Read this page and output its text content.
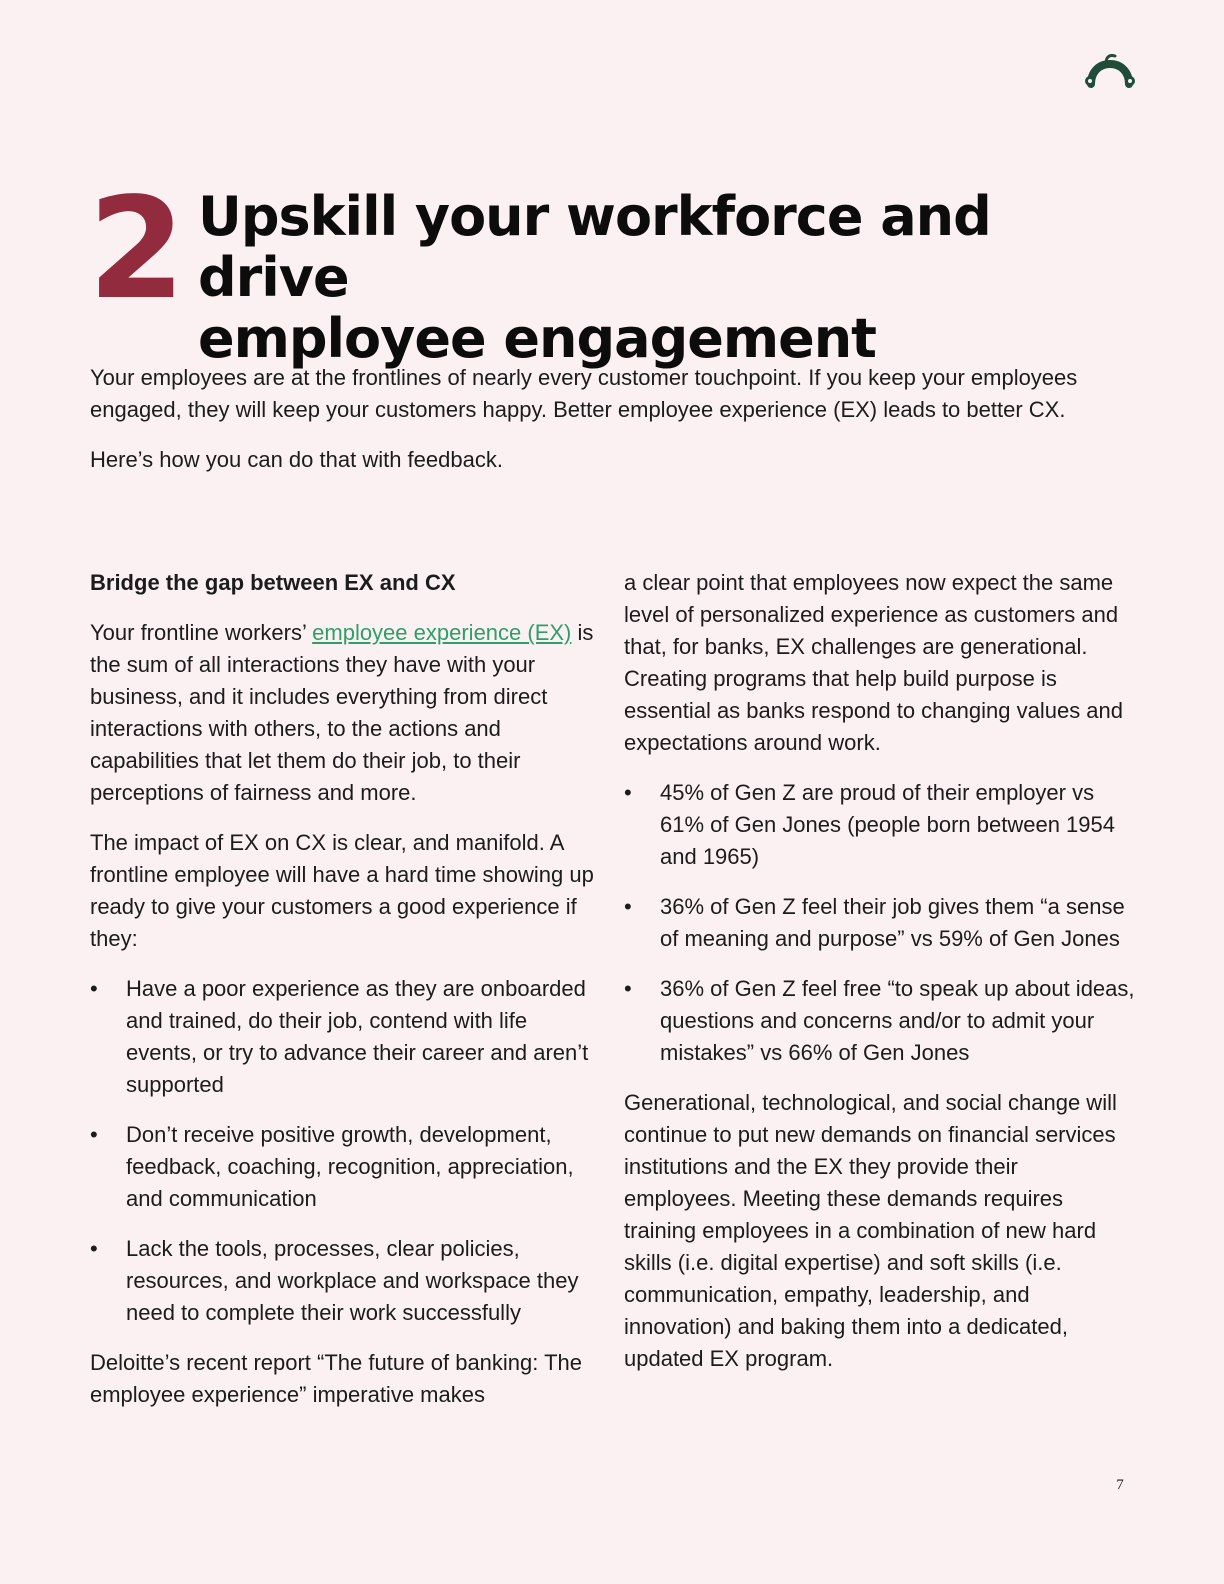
2 Upskill your workforce and drive
employee engagement

Your employees are at the frontlines of nearly every customer touchpoint. If you keep your employees engaged, they will keep your customers happy. Better employee experience (EX) leads to better CX.

Here’s how you can do that with feedback.

Bridge the gap between EX and CX

Your frontline workers’ employee experience (EX) is the sum of all interactions they have with your business, and it includes everything from direct interactions with others, to the actions and capabilities that let them do their job, to their perceptions of fairness and more.

The impact of EX on CX is clear, and manifold. A frontline employee will have a hard time showing up ready to give your customers a good experience if they:

•	Have a poor experience as they are onboarded and trained, do their job, contend with life events, or try to advance their career and aren’t supported
•	Don’t receive positive growth, development, feedback, coaching, recognition, appreciation, and communication
•	Lack the tools, processes, clear policies, resources, and workplace and workspace they need to complete their work successfully

Deloitte’s recent report “The future of banking: The employee experience” imperative makes

a clear point that employees now expect the same level of personalized experience as customers and that, for banks, EX challenges are generational. Creating programs that help build purpose is essential as banks respond to changing values and expectations around work.

•	45% of Gen Z are proud of their employer vs 61% of Gen Jones (people born between 1954 and 1965)
•	36% of Gen Z feel their job gives them “a sense of meaning and purpose” vs 59% of Gen Jones
•	36% of Gen Z feel free “to speak up about ideas, questions and concerns and/or to admit your mistakes” vs 66% of Gen Jones

Generational, technological, and social change will continue to put new demands on financial services institutions and the EX they provide their employees. Meeting these demands requires training employees in a combination of new hard skills (i.e. digital expertise) and soft skills (i.e. communication, empathy, leadership, and innovation) and baking them into a dedicated, updated EX program.

7
